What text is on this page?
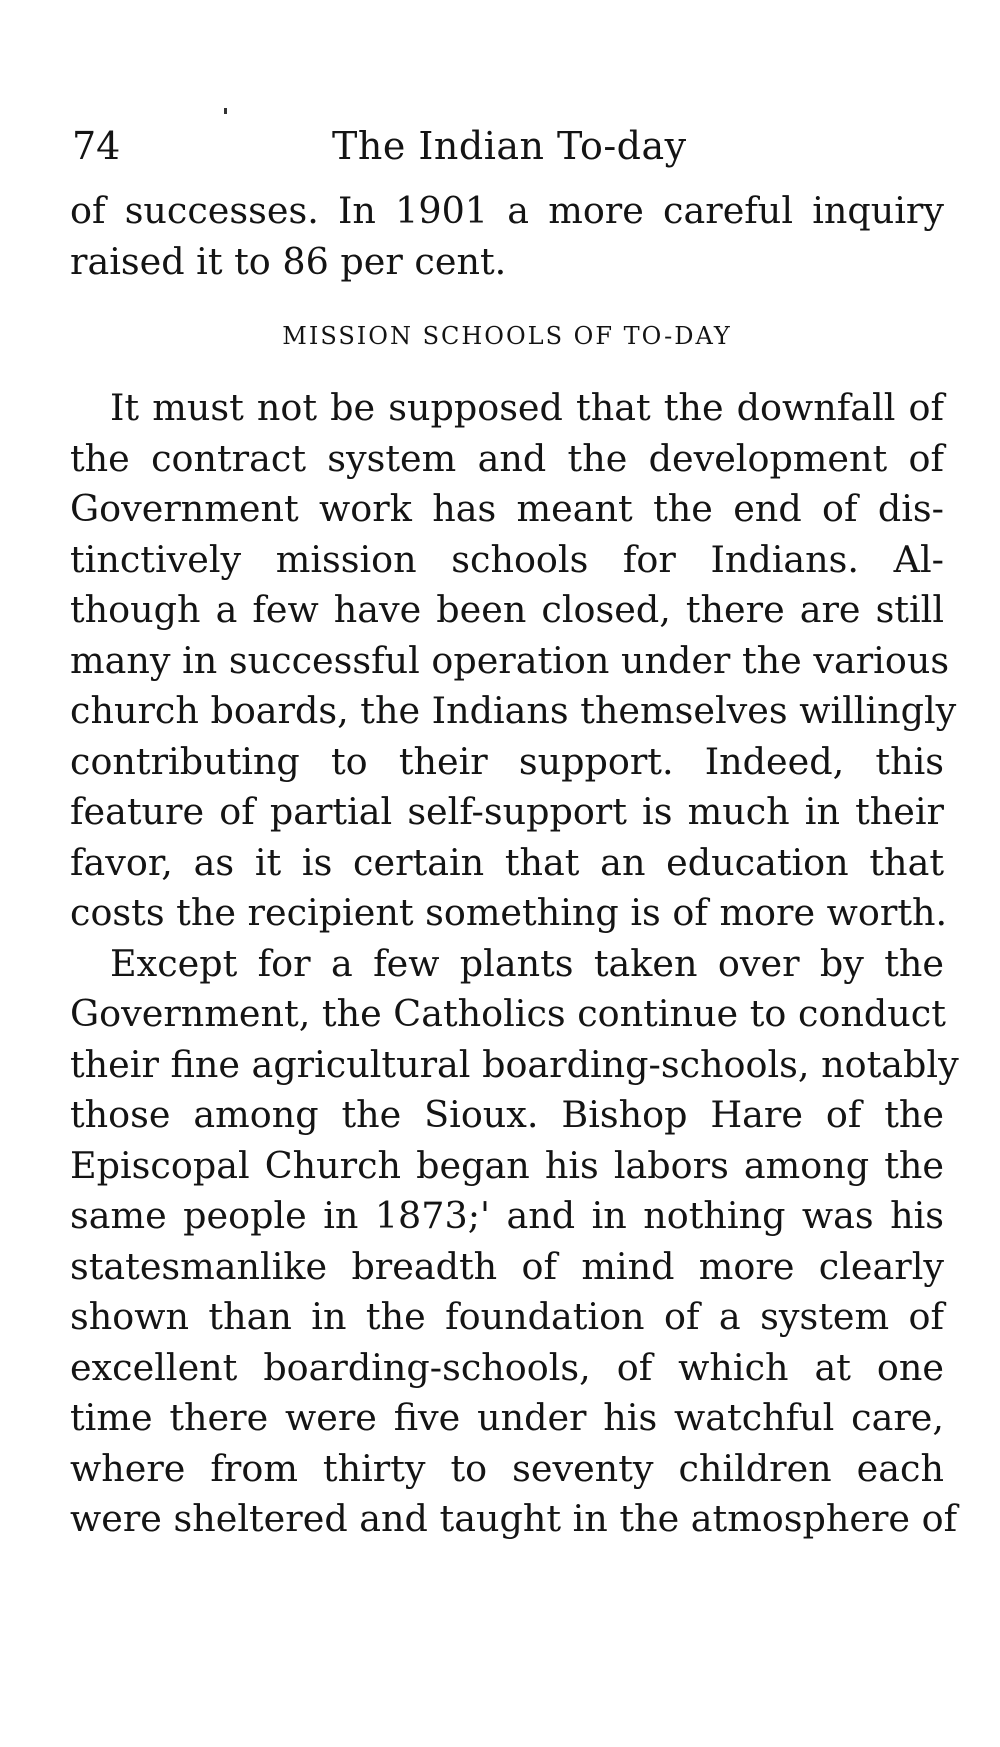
74	The Indian To-day
of successes. In 1901 a more careful inquiry
raised it to 86 per cent.
MISSION SCHOOLS OF TO-DAY
It must not be supposed that the downfall of
the contract system and the development of
Government work has meant the end of dis-
tinctively mission schools for Indians. Al-
though a few have been closed, there are still
many in successful operation under the various
church boards, the Indians themselves willingly
contributing to their support. Indeed, this
feature of partial self-support is much in their
favor, as it is certain that an education that
costs the recipient something is of more worth.
Except for a few plants taken over by the
Government, the Catholics continue to conduct
their fine agricultural boarding-schools, notably
those among the Sioux. Bishop Hare of the
Episcopal Church began his labors among the
same people in 1873;' and in nothing was his
statesmanlike breadth of mind more clearly
shown than in the foundation of a system of
excellent boarding-schools, of which at one
time there were five under his watchful care,
where from thirty to seventy children each
were sheltered and taught in the atmosphere of
